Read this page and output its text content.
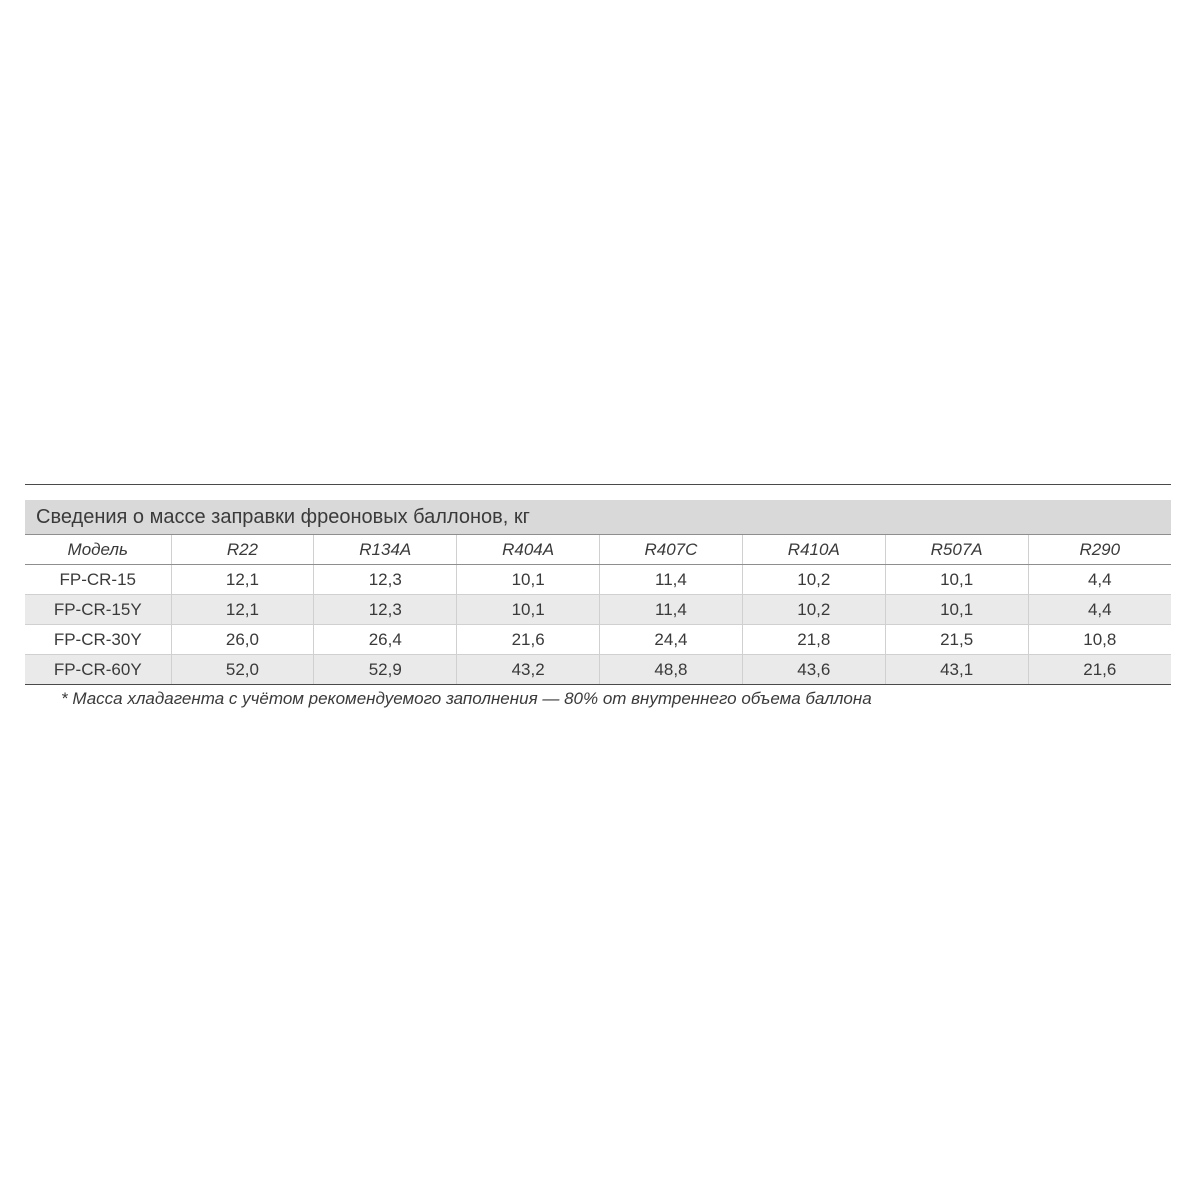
Сведения о массе заправки фреоновых баллонов, кг
Модель	R22	R134A	R404A	R407C	R410A	R507A	R290
FP-CR-15	12,1	12,3	10,1	11,4	10,2	10,1	4,4
FP-CR-15Y	12,1	12,3	10,1	11,4	10,2	10,1	4,4
FP-CR-30Y	26,0	26,4	21,6	24,4	21,8	21,5	10,8
FP-CR-60Y	52,0	52,9	43,2	48,8	43,6	43,1	21,6
* Масса хладагента с учётом рекомендуемого заполнения — 80% от внутреннего объема баллона
